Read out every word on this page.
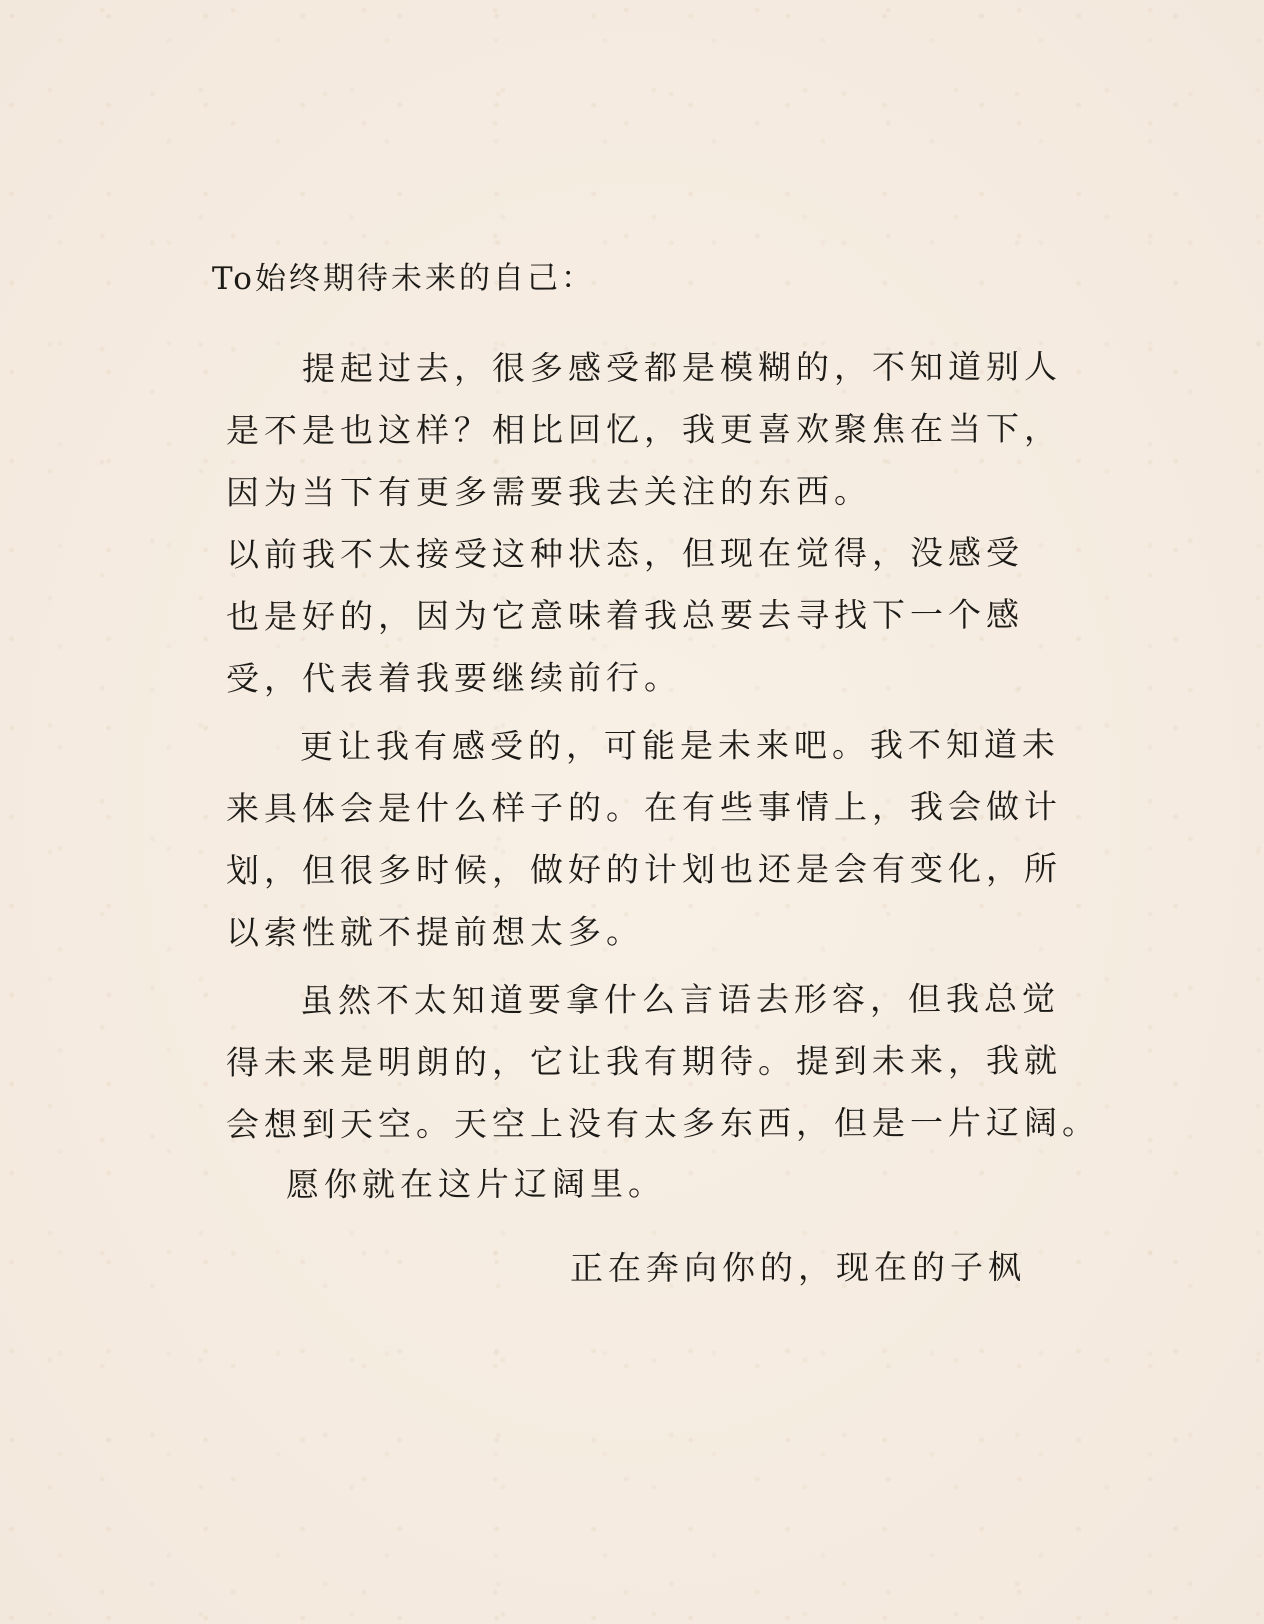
To始终期待未来的自己：
提起过去，很多感受都是模糊的，不知道别人
是不是也这样？相比回忆，我更喜欢聚焦在当下，
因为当下有更多需要我去关注的东西。
以前我不太接受这种状态，但现在觉得，没感受
也是好的，因为它意味着我总要去寻找下一个感
受，代表着我要继续前行。
更让我有感受的，可能是未来吧。我不知道未
来具体会是什么样子的。在有些事情上，我会做计
划，但很多时候，做好的计划也还是会有变化，所
以索性就不提前想太多。
虽然不太知道要拿什么言语去形容，但我总觉
得未来是明朗的，它让我有期待。提到未来，我就
会想到天空。天空上没有太多东西，但是一片辽阔。
愿你就在这片辽阔里。
正在奔向你的，现在的子枫
